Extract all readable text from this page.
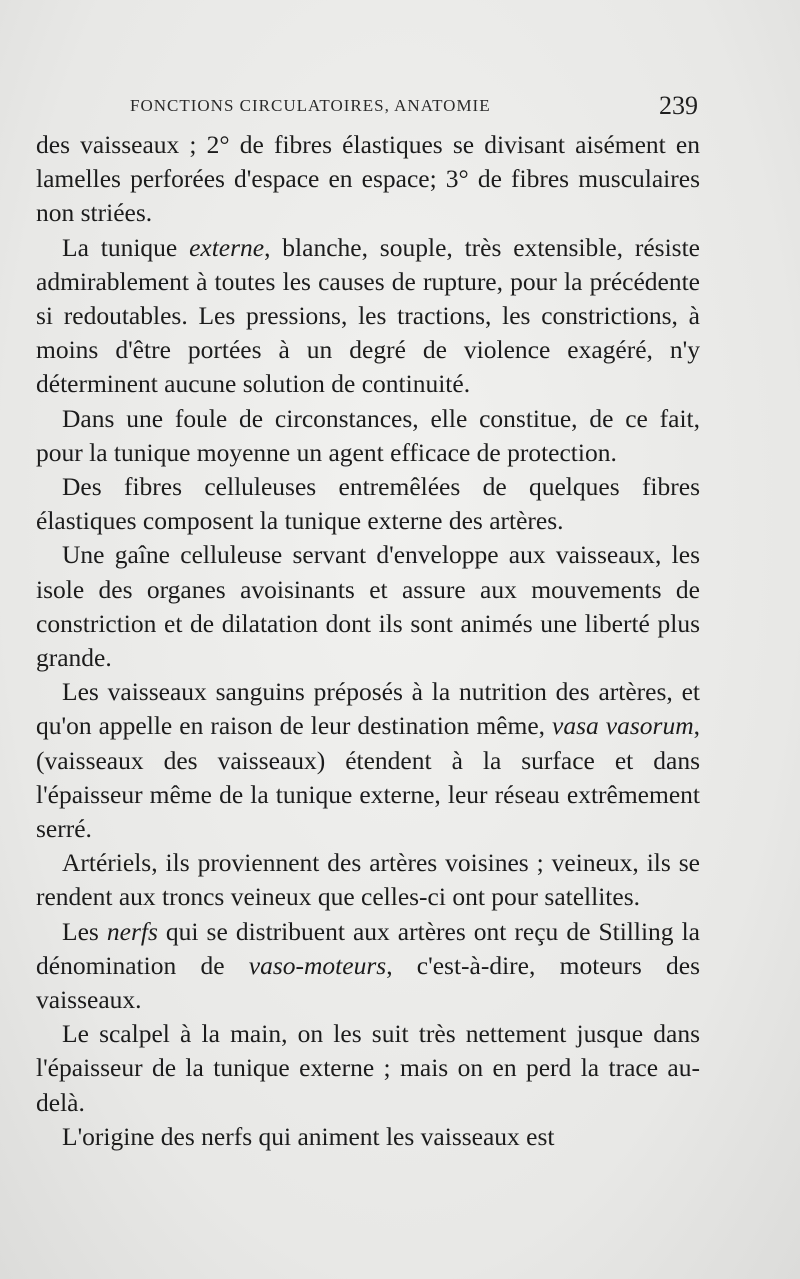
FONCTIONS CIRCULATOIRES, ANATOMIE	239

des vaisseaux ; 2° de fibres élastiques se divisant aisément en lamelles perforées d'espace en espace; 3° de fibres musculaires non striées.

La tunique externe, blanche, souple, très extensible, résiste admirablement à toutes les causes de rupture, pour la précédente si redoutables. Les pressions, les tractions, les constrictions, à moins d'être portées à un degré de violence exagéré, n'y déterminent aucune solution de continuité.

Dans une foule de circonstances, elle constitue, de ce fait, pour la tunique moyenne un agent efficace de protection.

Des fibres celluleuses entremêlées de quelques fibres élastiques composent la tunique externe des artères.

Une gaîne celluleuse servant d'enveloppe aux vaisseaux, les isole des organes avoisinants et assure aux mouvements de constriction et de dilatation dont ils sont animés une liberté plus grande.

Les vaisseaux sanguins préposés à la nutrition des artères, et qu'on appelle en raison de leur destination même, vasa vasorum, (vaisseaux des vaisseaux) étendent à la surface et dans l'épaisseur même de la tunique externe, leur réseau extrêmement serré.

Artériels, ils proviennent des artères voisines ; veineux, ils se rendent aux troncs veineux que celles-ci ont pour satellites.

Les nerfs qui se distribuent aux artères ont reçu de Stilling la dénomination de vaso-moteurs, c'est-à-dire, moteurs des vaisseaux.

Le scalpel à la main, on les suit très nettement jusque dans l'épaisseur de la tunique externe ; mais on en perd la trace au-delà.

L'origine des nerfs qui animent les vaisseaux est
